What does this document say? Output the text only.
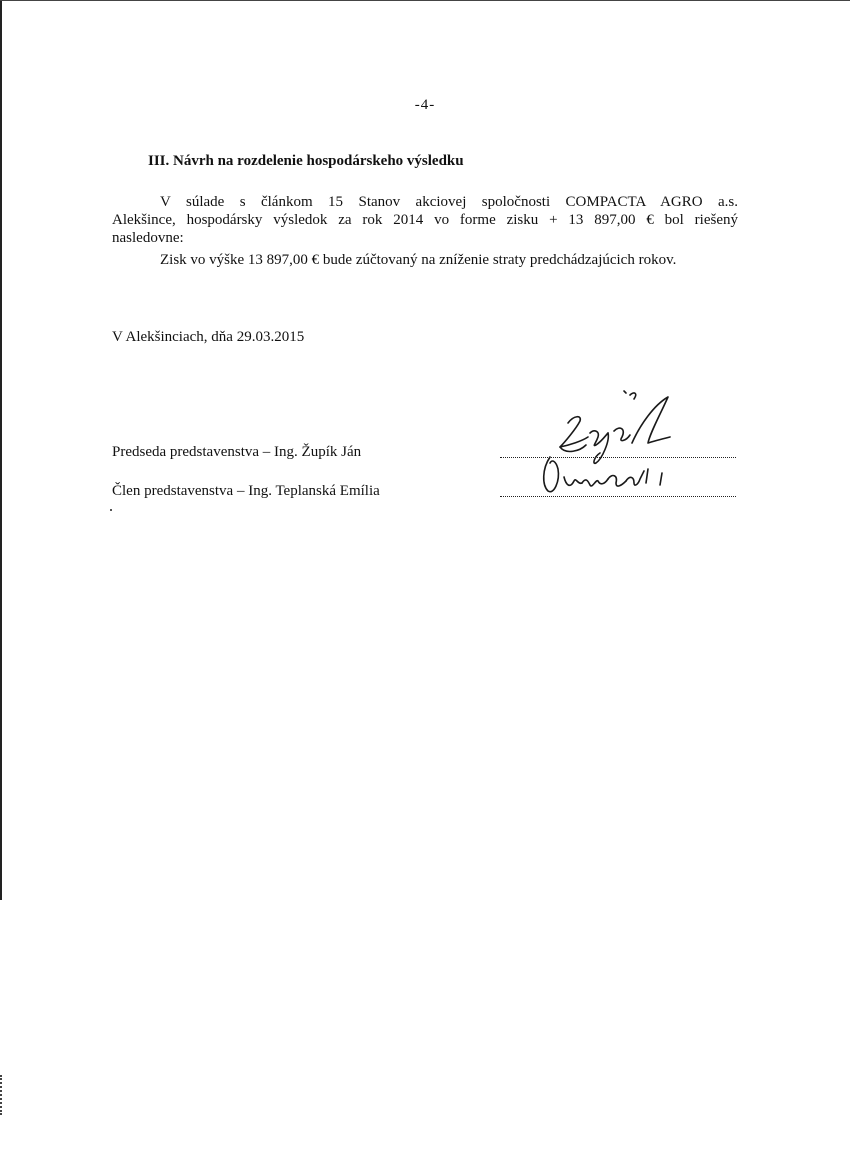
-4-
III. Návrh na rozdelenie hospodárskeho výsledku
V súlade s článkom 15 Stanov akciovej spoločnosti COMPACTA AGRO a.s.
Alekšince, hospodársky výsledok za rok 2014 vo forme zisku + 13 897,00 € bol riešený
nasledovne:
Zisk vo výške 13 897,00 € bude zúčtovaný na zníženie straty predchádzajúcich rokov.
V Alekšinciach, dňa 29.03.2015
Predseda predstavenstva – Ing. Župík Ján
Člen predstavenstva – Ing. Teplanská Emília
